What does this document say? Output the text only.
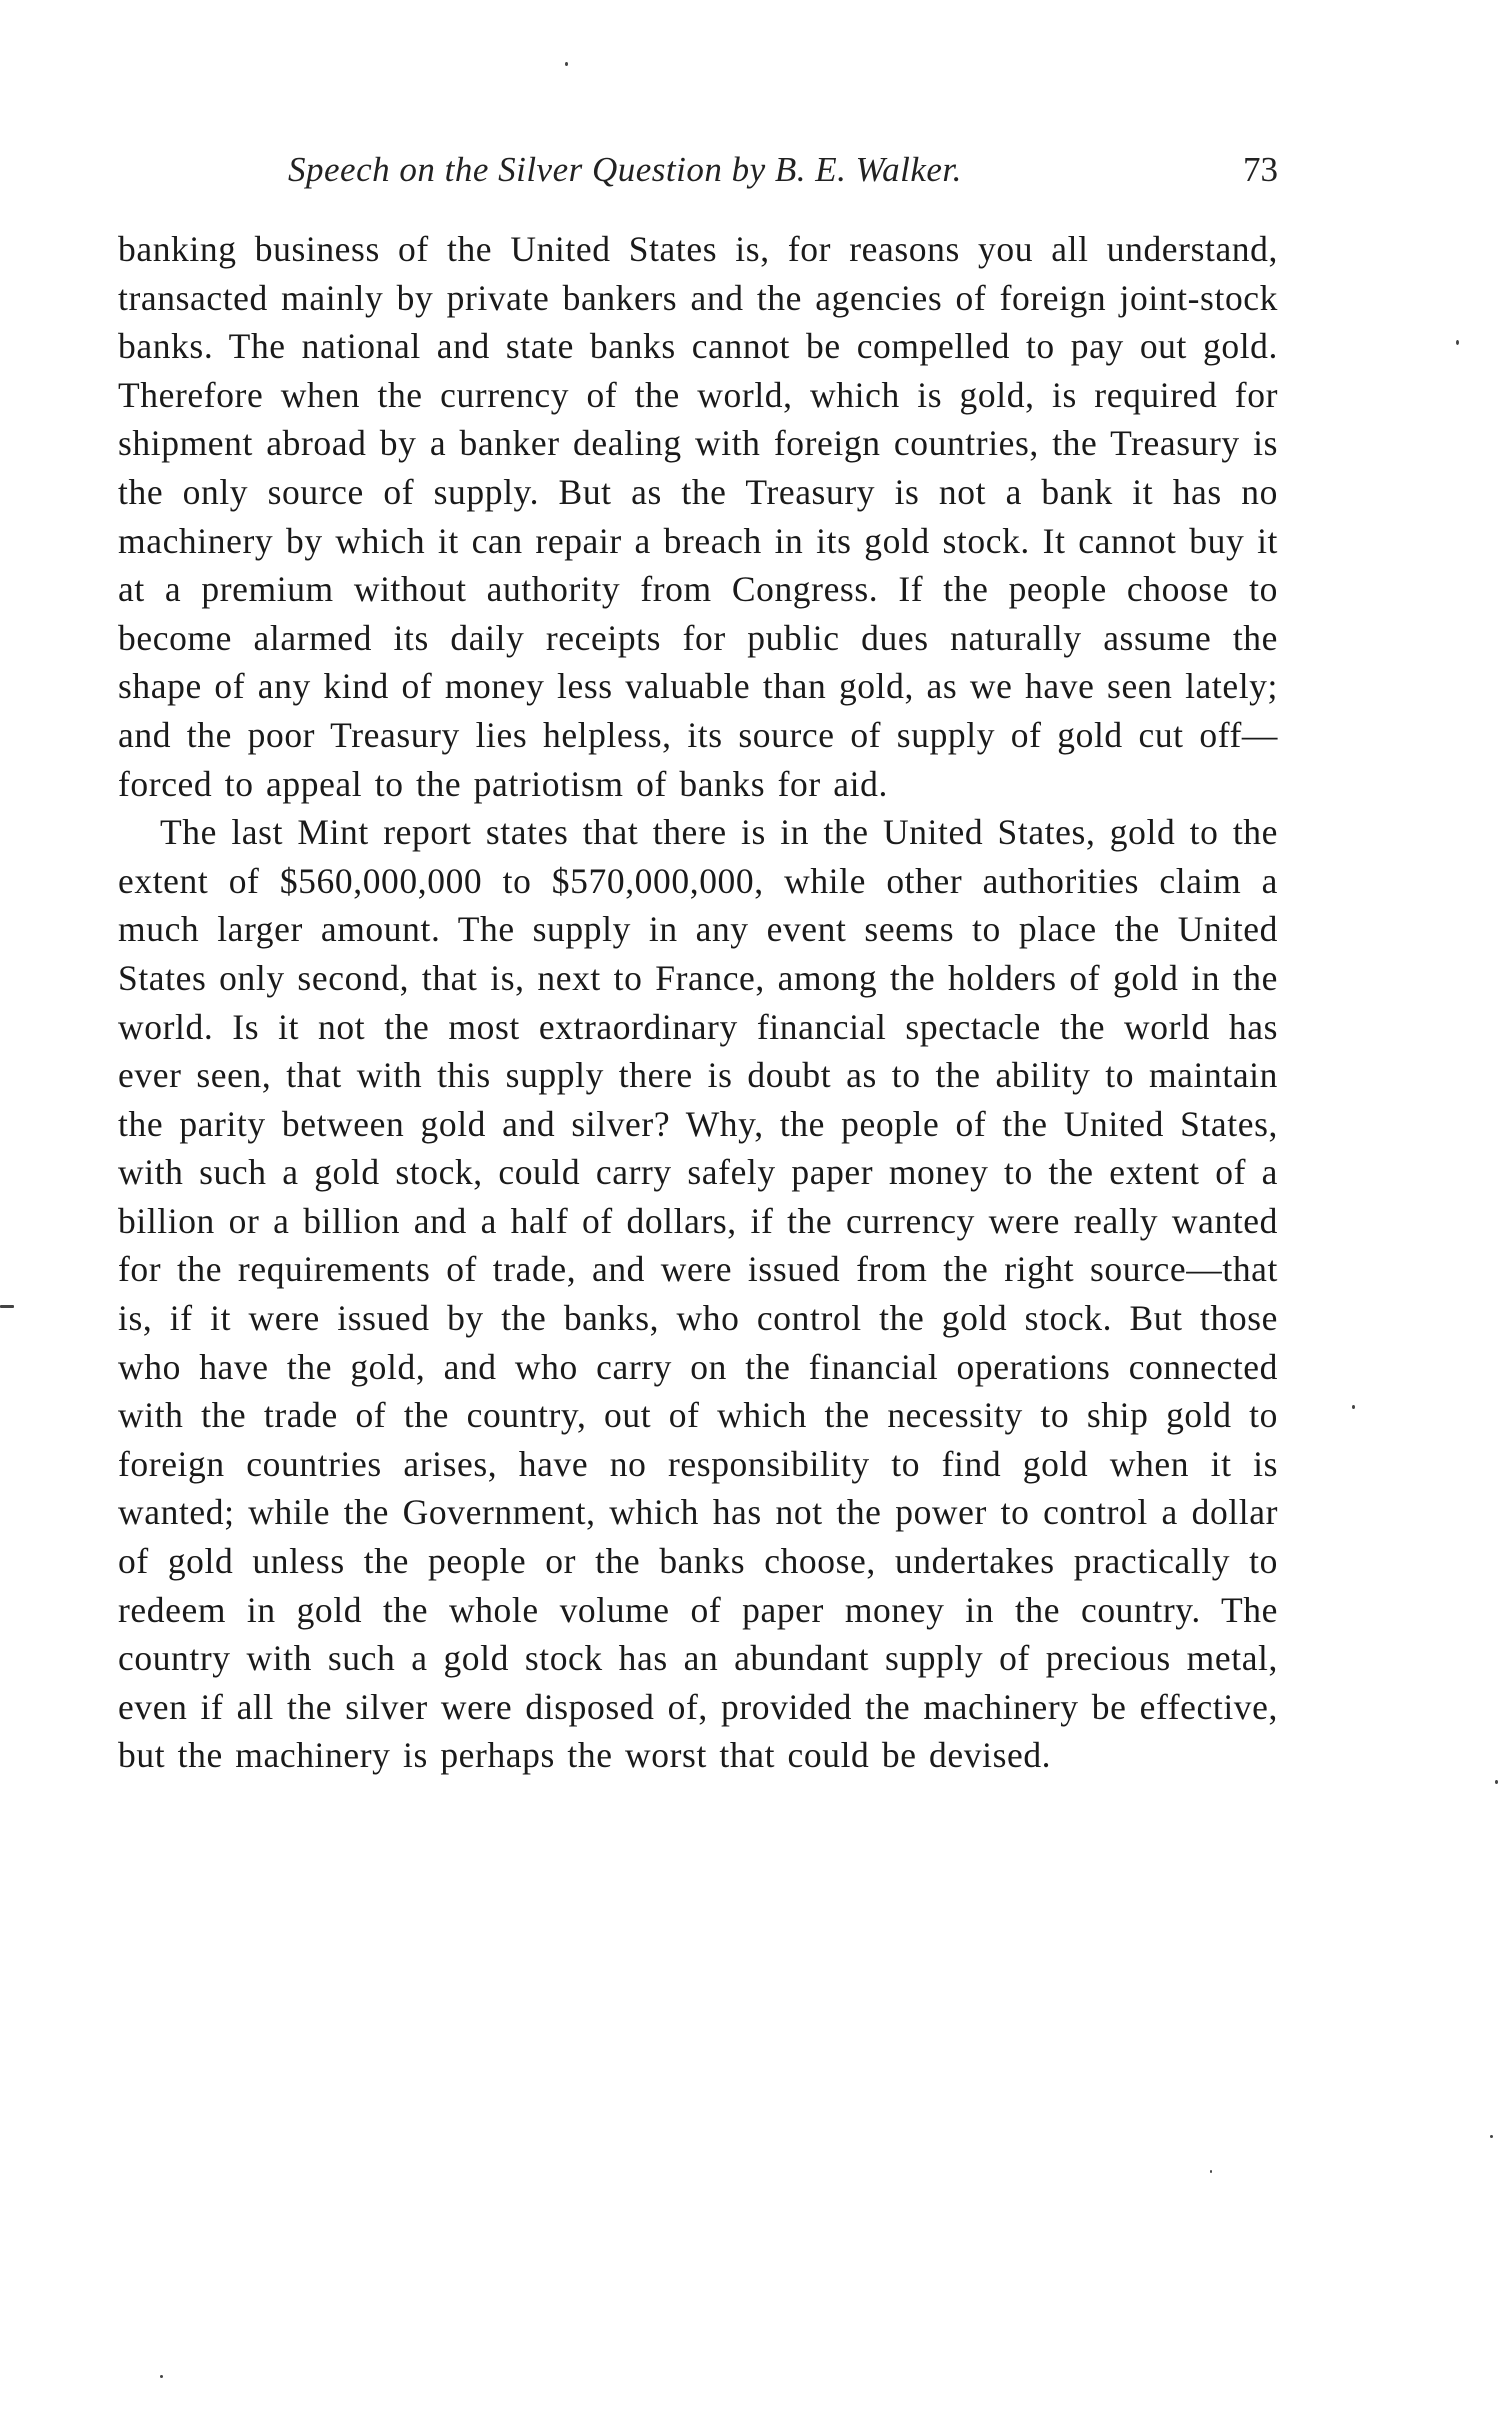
Speech on the Silver Question by B. E. Walker.	73

banking business of the United States is, for reasons you all understand, transacted mainly by private bankers and the agencies of foreign joint-stock banks. The national and state banks cannot be compelled to pay out gold. Therefore when the currency of the world, which is gold, is required for shipment abroad by a banker dealing with foreign countries, the Treasury is the only source of supply. But as the Treasury is not a bank it has no machinery by which it can repair a breach in its gold stock. It cannot buy it at a premium without authority from Congress. If the people choose to become alarmed its daily receipts for public dues naturally assume the shape of any kind of money less valuable than gold, as we have seen lately; and the poor Treasury lies helpless, its source of supply of gold cut off—forced to appeal to the patriotism of banks for aid.

The last Mint report states that there is in the United States, gold to the extent of $560,000,000 to $570,000,000, while other authorities claim a much larger amount. The supply in any event seems to place the United States only second, that is, next to France, among the holders of gold in the world. Is it not the most extraordinary financial spectacle the world has ever seen, that with this supply there is doubt as to the ability to maintain the parity between gold and silver? Why, the people of the United States, with such a gold stock, could carry safely paper money to the extent of a billion or a billion and a half of dollars, if the currency were really wanted for the requirements of trade, and were issued from the right source—that is, if it were issued by the banks, who control the gold stock. But those who have the gold, and who carry on the financial operations connected with the trade of the country, out of which the necessity to ship gold to foreign countries arises, have no responsibility to find gold when it is wanted; while the Government, which has not the power to control a dollar of gold unless the people or the banks choose, undertakes practically to redeem in gold the whole volume of paper money in the country. The country with such a gold stock has an abundant supply of precious metal, even if all the silver were disposed of, provided the machinery be effective, but the machinery is perhaps the worst that could be devised.
